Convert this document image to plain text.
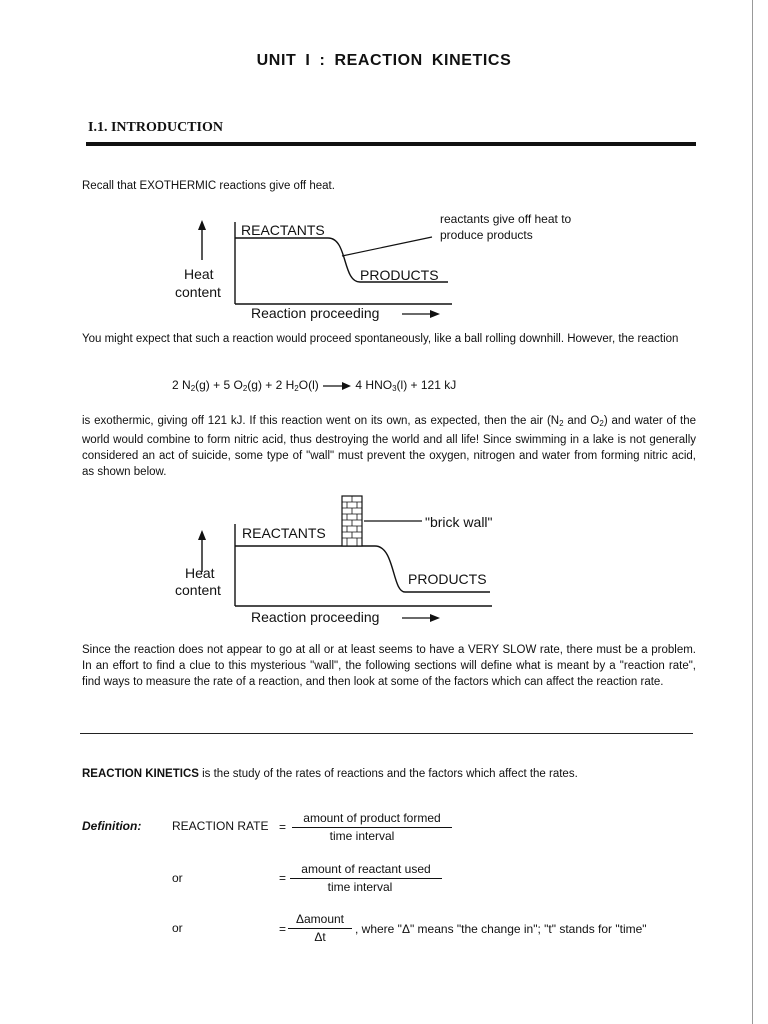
UNIT I : REACTION KINETICS
I.1. INTRODUCTION
Recall that EXOTHERMIC reactions give off heat.
REACTANTS
PRODUCTS
Heat
content
Reaction proceeding
reactants give off heat to
produce products
You might expect that such a reaction would proceed spontaneously, like a ball rolling downhill. However, the reaction
2 $N_2(g) + 5$ $O_2(g) + 2$ $H_2O(l) \to 4$ $HNO_3(l) + 121$ kJ
is exothermic, giving off 121 kJ. If this reaction went on its own, as expected, then the air ($N_2$ and $O_2$) and water of the world would combine to form nitric acid, thus destroying the world and all life! Since swimming in a lake is not generally considered an act of suicide, some type of "wall" must prevent the oxygen, nitrogen and water from forming nitric acid, as shown below.
REACTANTS
PRODUCTS
"brick wall"
Heat
content
Reaction proceeding
Since the reaction does not appear to go at all or at least seems to have a VERY SLOW rate, there must be a problem. In an effort to find a clue to this mysterious "wall", the following sections will define what is meant by a "reaction rate", find ways to measure the rate of a reaction, and then look at some of the factors which can affect the reaction rate.
REACTION KINETICS is the study of the rates of reactions and the factors which affect the rates.
Definition:	REACTION RATE =
amount of product formed
time interval
or	=
amount of reactant used
time interval
or	=
Δamount
Δt
, where "Δ" means "the change in"; "t" stands for "time"
